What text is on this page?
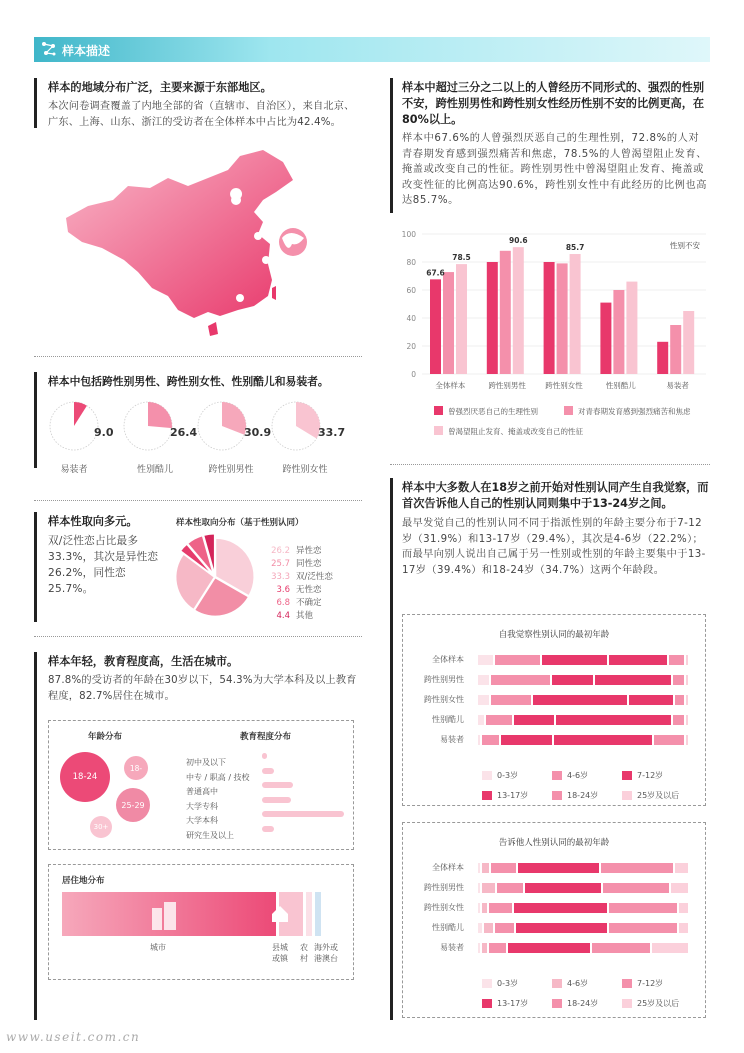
样本描述
样本的地域分布广泛，主要来源于东部地区。
本次问卷调查覆盖了内地全部的省（直辖市、自治区），来自北京、广东、上海、山东、浙江的受访者在全体样本中占比为42.4%。
样本中包括跨性别男性、跨性别女性、性别酷儿和易装者。
9.0
易装者
26.4
性别酷儿
30.9
跨性别男性
33.7
跨性别女性
样本性取向多元。
双/泛性恋占比最多33.3%，其次是异性恋26.2%，同性恋25.7%。
样本性取向分布（基于性别认同）
26.2 异性恋
25.7 同性恋
33.3 双/泛性恋
3.6 无性恋
6.8 不确定
4.4 其他
样本年轻，教育程度高，生活在城市。
87.8%的受访者的年龄在30岁以下，54.3%为大学本科及以上教育程度，82.7%居住在城市。
年龄分布
18-24
18-
25-29
30+
教育程度分布
初中及以下
中专 / 职高 / 技校
普通高中
大学专科
大学本科
研究生及以上
居住地分布
城市	县城或镇
农村
海外或港澳台
样本中超过三分之二以上的人曾经历不同形式的、强烈的性别不安，跨性别男性和跨性别女性经历性别不安的比例更高，在80%以上。
样本中67.6%的人曾强烈厌恶自己的生理性别，72.8%的人对青春期发育感到强烈痛苦和焦虑，78.5%的人曾渴望阻止发育、掩盖或改变自己的性征。跨性别男性中曾渴望阻止发育、掩盖或改变性征的比例高达90.6%，跨性别女性中有此经历的比例也高达85.7%。
0
20
40
60
80
100
全体样本	跨性别男性	跨性别女性	性别酷儿	易装者
67.6
78.5
90.6
85.7	性别不安
曾强烈厌恶自己的生理性别	对青春期发育感到强烈痛苦和焦虑
曾渴望阻止发育、掩盖或改变自己的性征
样本中大多数人在18岁之前开始对性别认同产生自我觉察，而首次告诉他人自己的性别认同则集中于13-24岁之间。
最早发觉自己的性别认同不同于指派性别的年龄主要分布于7-12岁（31.9%）和13-17岁（29.4%），其次是4-6岁（22.2%）；而最早向别人说出自己属于另一性别或性别的年龄主要集中于13-17岁（39.4%）和18-24岁（34.7%）这两个年龄段。
自我觉察性别认同的最初年龄
全体样本
跨性别男性
跨性别女性
性别酷儿
易装者
0-3岁	4-6岁	7-12岁
13-17岁	18-24岁	25岁及以后
告诉他人性别认同的最初年龄
全体样本
跨性别男性
跨性别女性
性别酷儿
易装者
0-3岁	4-6岁	7-12岁
13-17岁	18-24岁	25岁及以后
www.useit.com.cn
